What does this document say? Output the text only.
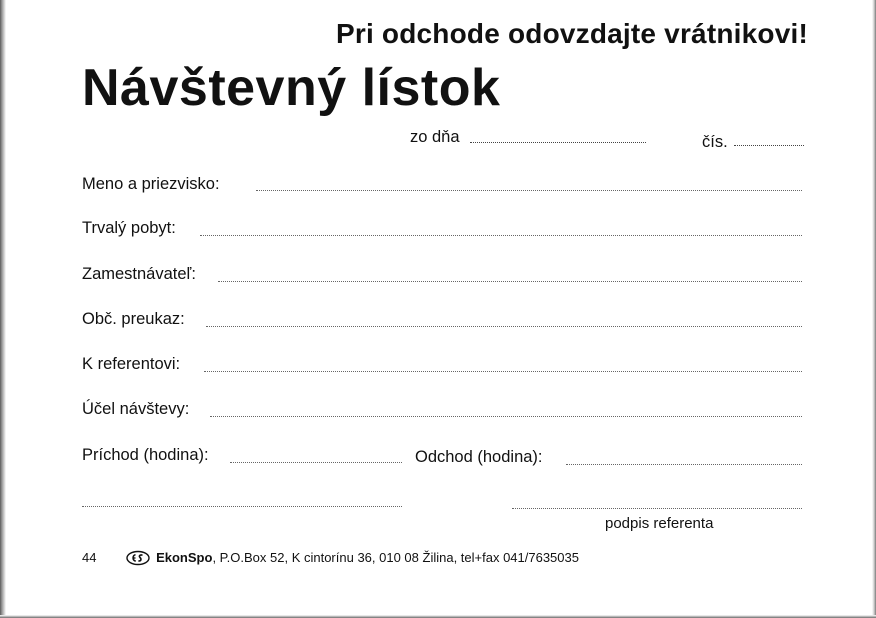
Pri odchode odovzdajte vrátnikovi!
Návštevný lístok
zo dňa	čís.
Meno a priezvisko:
Trvalý pobyt:
Zamestnávateľ:
Obč. preukaz:
K referentovi:
Účel návštevy:
Príchod (hodina):	Odchod (hodina):
podpis referenta
44	EkonSpo, P.O.Box 52, K cintorínu 36, 010 08 Žilina, tel+fax 041/7635035
